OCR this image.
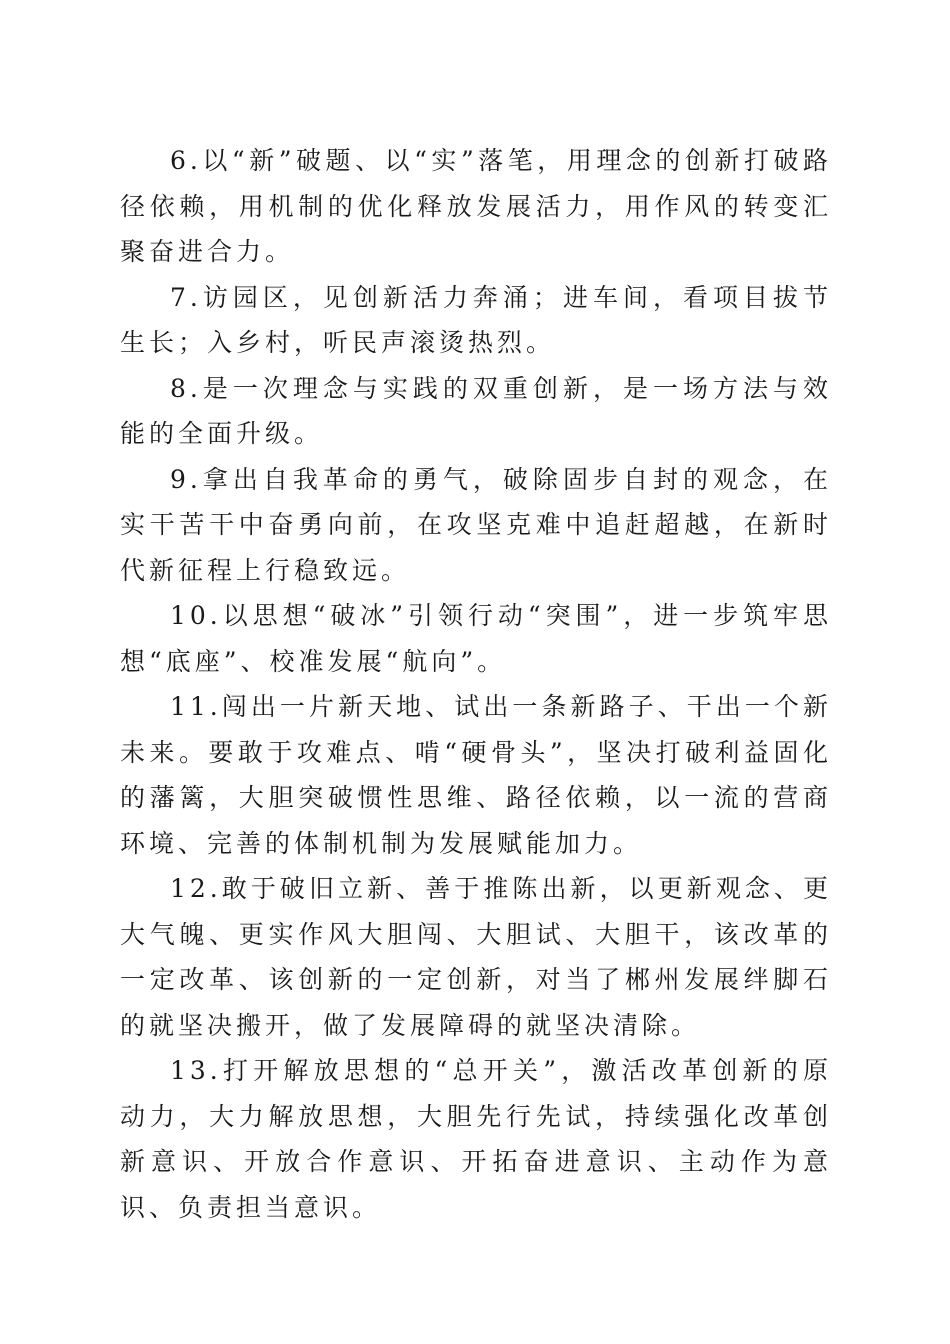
6.以“新”破题、以“实”落笔，用理念的创新打破路径依赖，用机制的优化释放发展活力，用作风的转变汇聚奋进合力。

7.访园区，见创新活力奔涌；进车间，看项目拔节生长；入乡村，听民声滚烫热烈。

8.是一次理念与实践的双重创新，是一场方法与效能的全面升级。

9.拿出自我革命的勇气，破除固步自封的观念，在实干苦干中奋勇向前，在攻坚克难中追赶超越，在新时代新征程上行稳致远。

10.以思想“破冰”引领行动“突围”，进一步筑牢思想“底座”、校准发展“航向”。

11.闯出一片新天地、试出一条新路子、干出一个新未来。要敢于攻难点、啃“硬骨头”，坚决打破利益固化的藩篱，大胆突破惯性思维、路径依赖，以一流的营商环境、完善的体制机制为发展赋能加力。

12.敢于破旧立新、善于推陈出新，以更新观念、更大气魄、更实作风大胆闯、大胆试、大胆干，该改革的一定改革、该创新的一定创新，对当了郴州发展绊脚石的就坚决搬开，做了发展障碍的就坚决清除。

13.打开解放思想的“总开关”，激活改革创新的原动力，大力解放思想，大胆先行先试，持续强化改革创新意识、开放合作意识、开拓奋进意识、主动作为意识、负责担当意识。
